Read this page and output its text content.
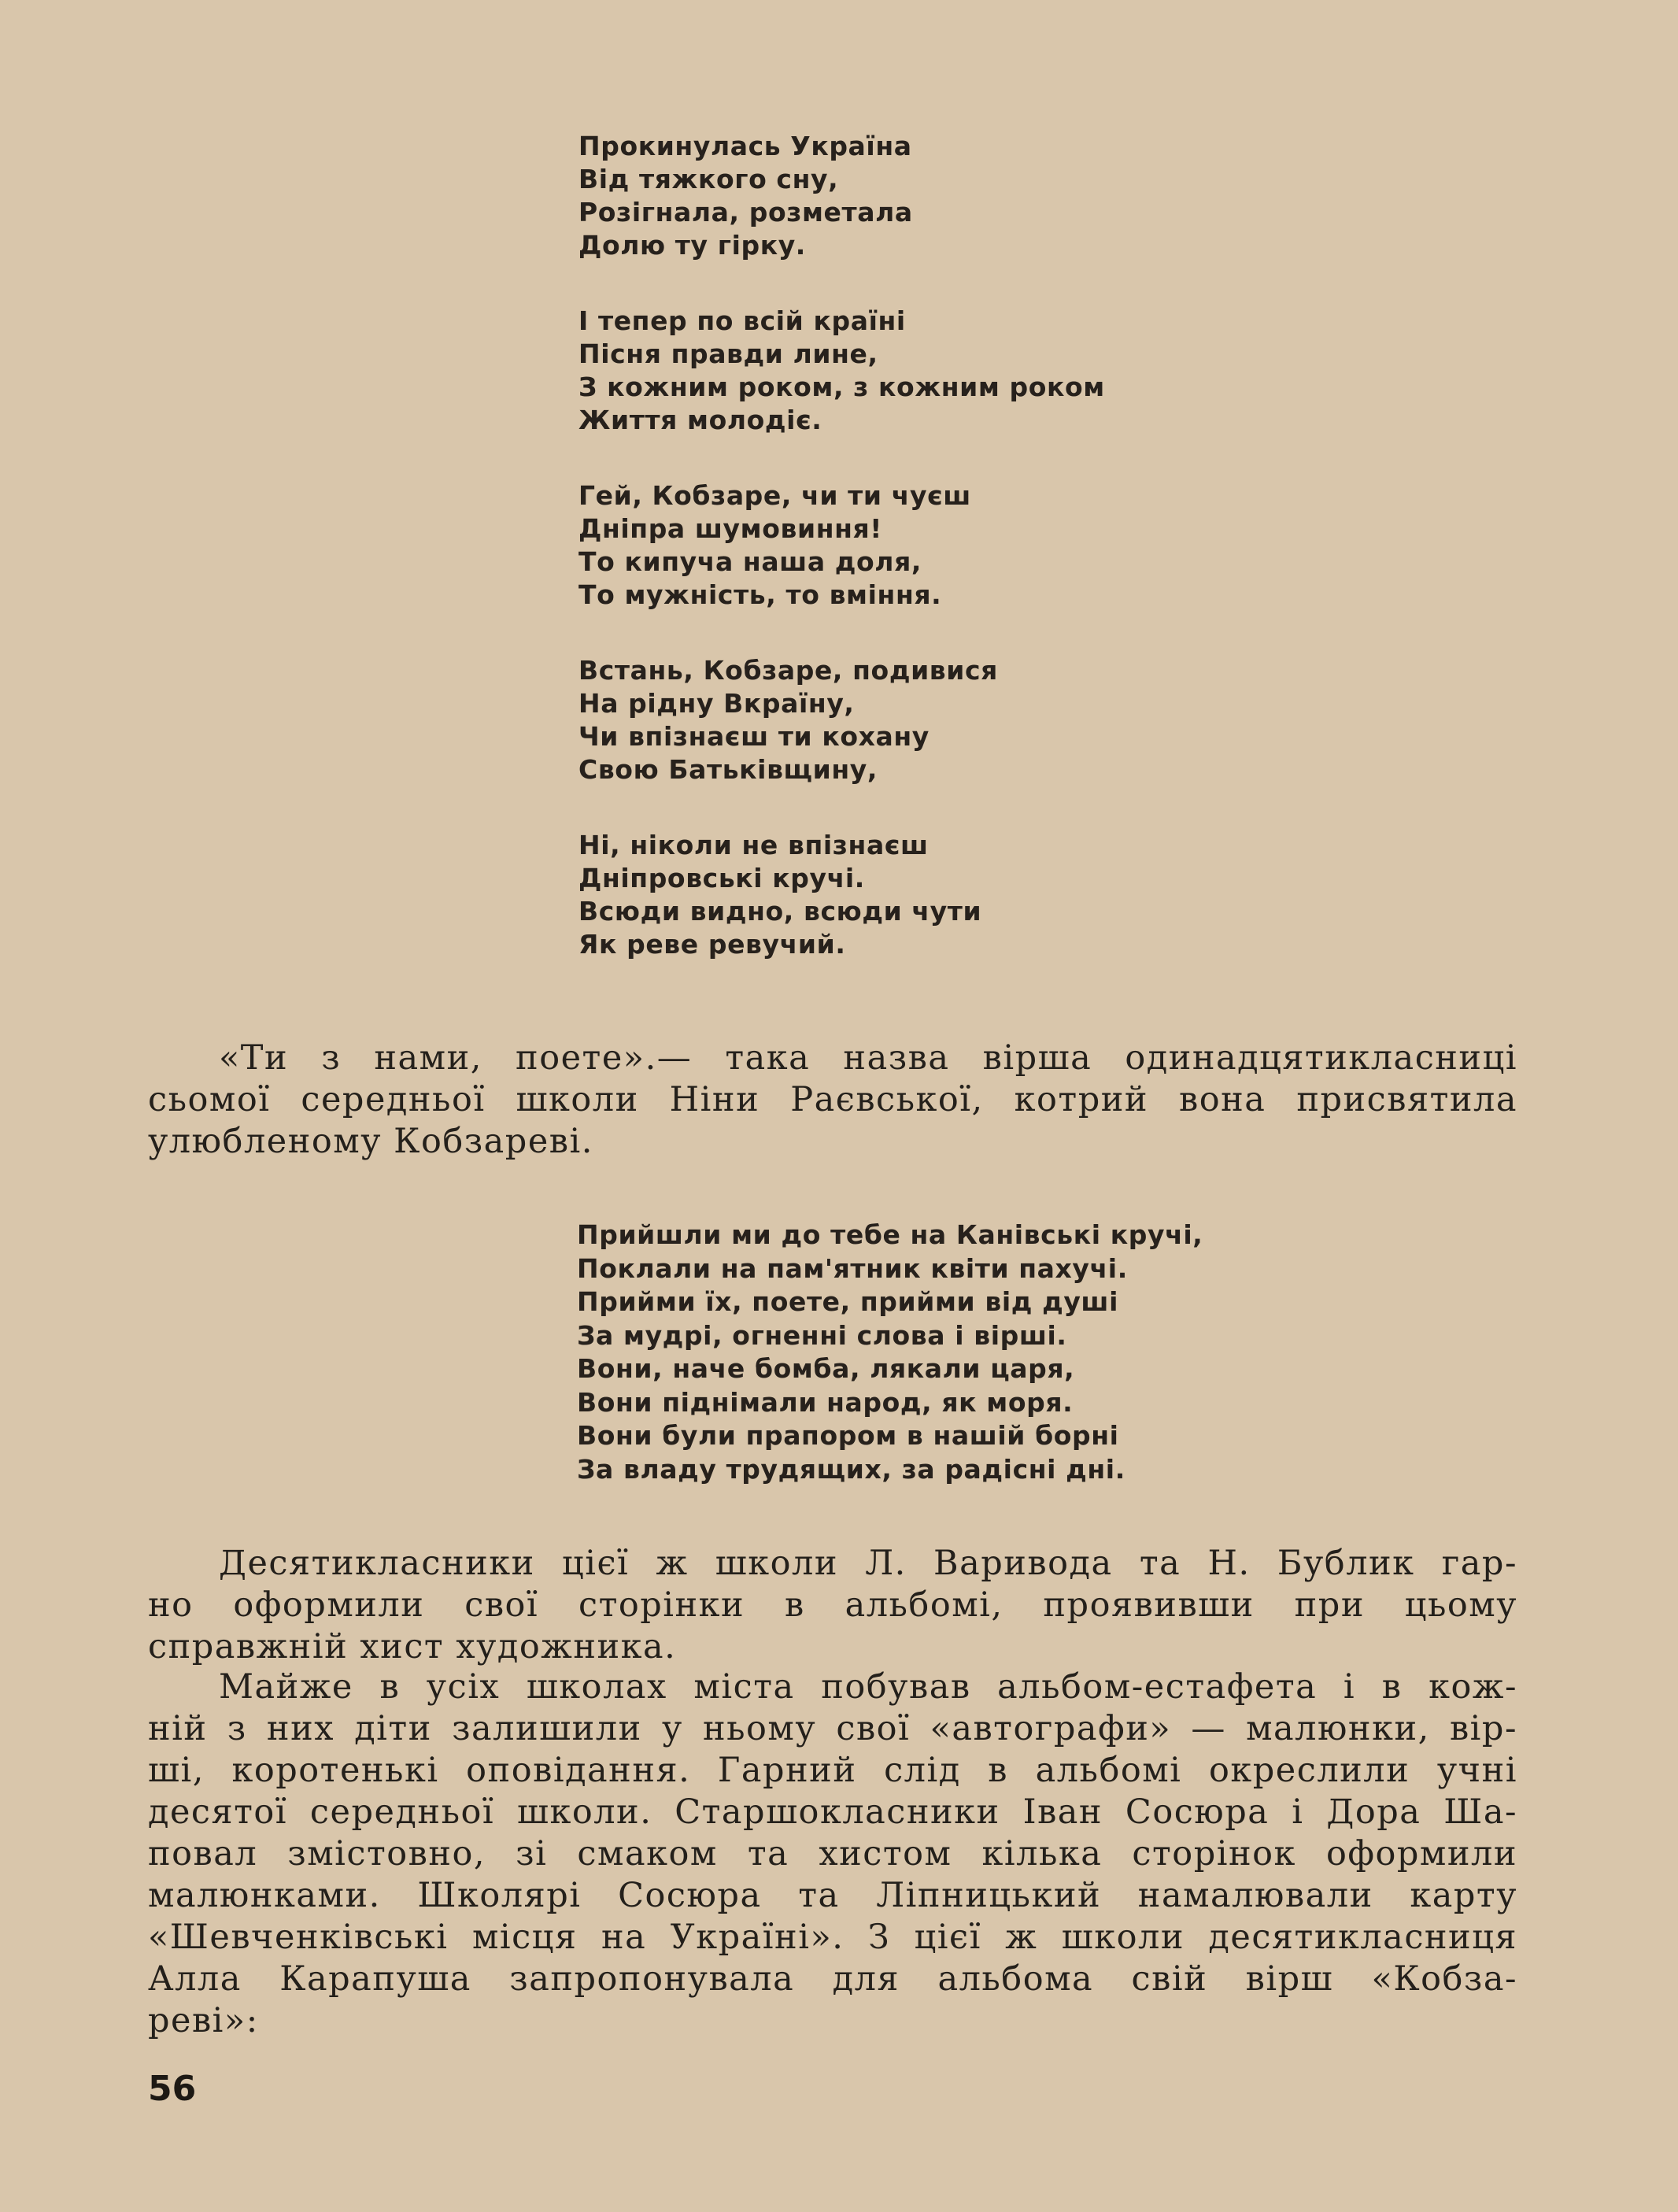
Прокинулась Україна
Від тяжкого сну,
Розігнала, розметала
Долю ту гірку.
І тепер по всій країні
Пісня правди лине,
З кожним роком, з кожним роком
Життя молодіє.
Гей, Кобзаре, чи ти чуєш
Дніпра шумовиння!
То кипуча наша доля,
То мужність, то вміння.
Встань, Кобзаре, подивися
На рідну Вкраїну,
Чи впізнаєш ти кохану
Свою Батьківщину,
Ні, ніколи не впізнаєш
Дніпровські кручі.
Всюди видно, всюди чути
Як реве ревучий.

«Ти з нами, поете».— така назва вірша одинадцятикласниці
сьомої середньої школи Ніни Раєвської, котрий вона присвятила
улюбленому Кобзареві.

Прийшли ми до тебе на Канівські кручі,
Поклали на пам'ятник квіти пахучі.
Прийми їх, поете, прийми від душі
За мудрі, огненні слова і вірші.
Вони, наче бомба, лякали царя,
Вони піднімали народ, як моря.
Вони були прапором в нашій борні
За владу трудящих, за радісні дні.

Десятикласники цієї ж школи Л. Варивода та Н. Бублик гар-
но оформили свої сторінки в альбомі, проявивши при цьому
справжній хист художника.

Майже в усіх школах міста побував альбом-естафета і в кож-
ній з них діти залишили у ньому свої «автографи» — малюнки, вір-
ші, коротенькі оповідання. Гарний слід в альбомі окреслили учні
десятої середньої школи. Старшокласники Іван Сосюра і Дора Ша-
повал змістовно, зі смаком та хистом кілька сторінок оформили
малюнками. Школярі Сосюра та Ліпницький намалювали карту
«Шевченківські місця на Україні». З цієї ж школи десятикласниця
Алла Карапуша запропонувала для альбома свій вірш «Кобза-
реві»:

56
